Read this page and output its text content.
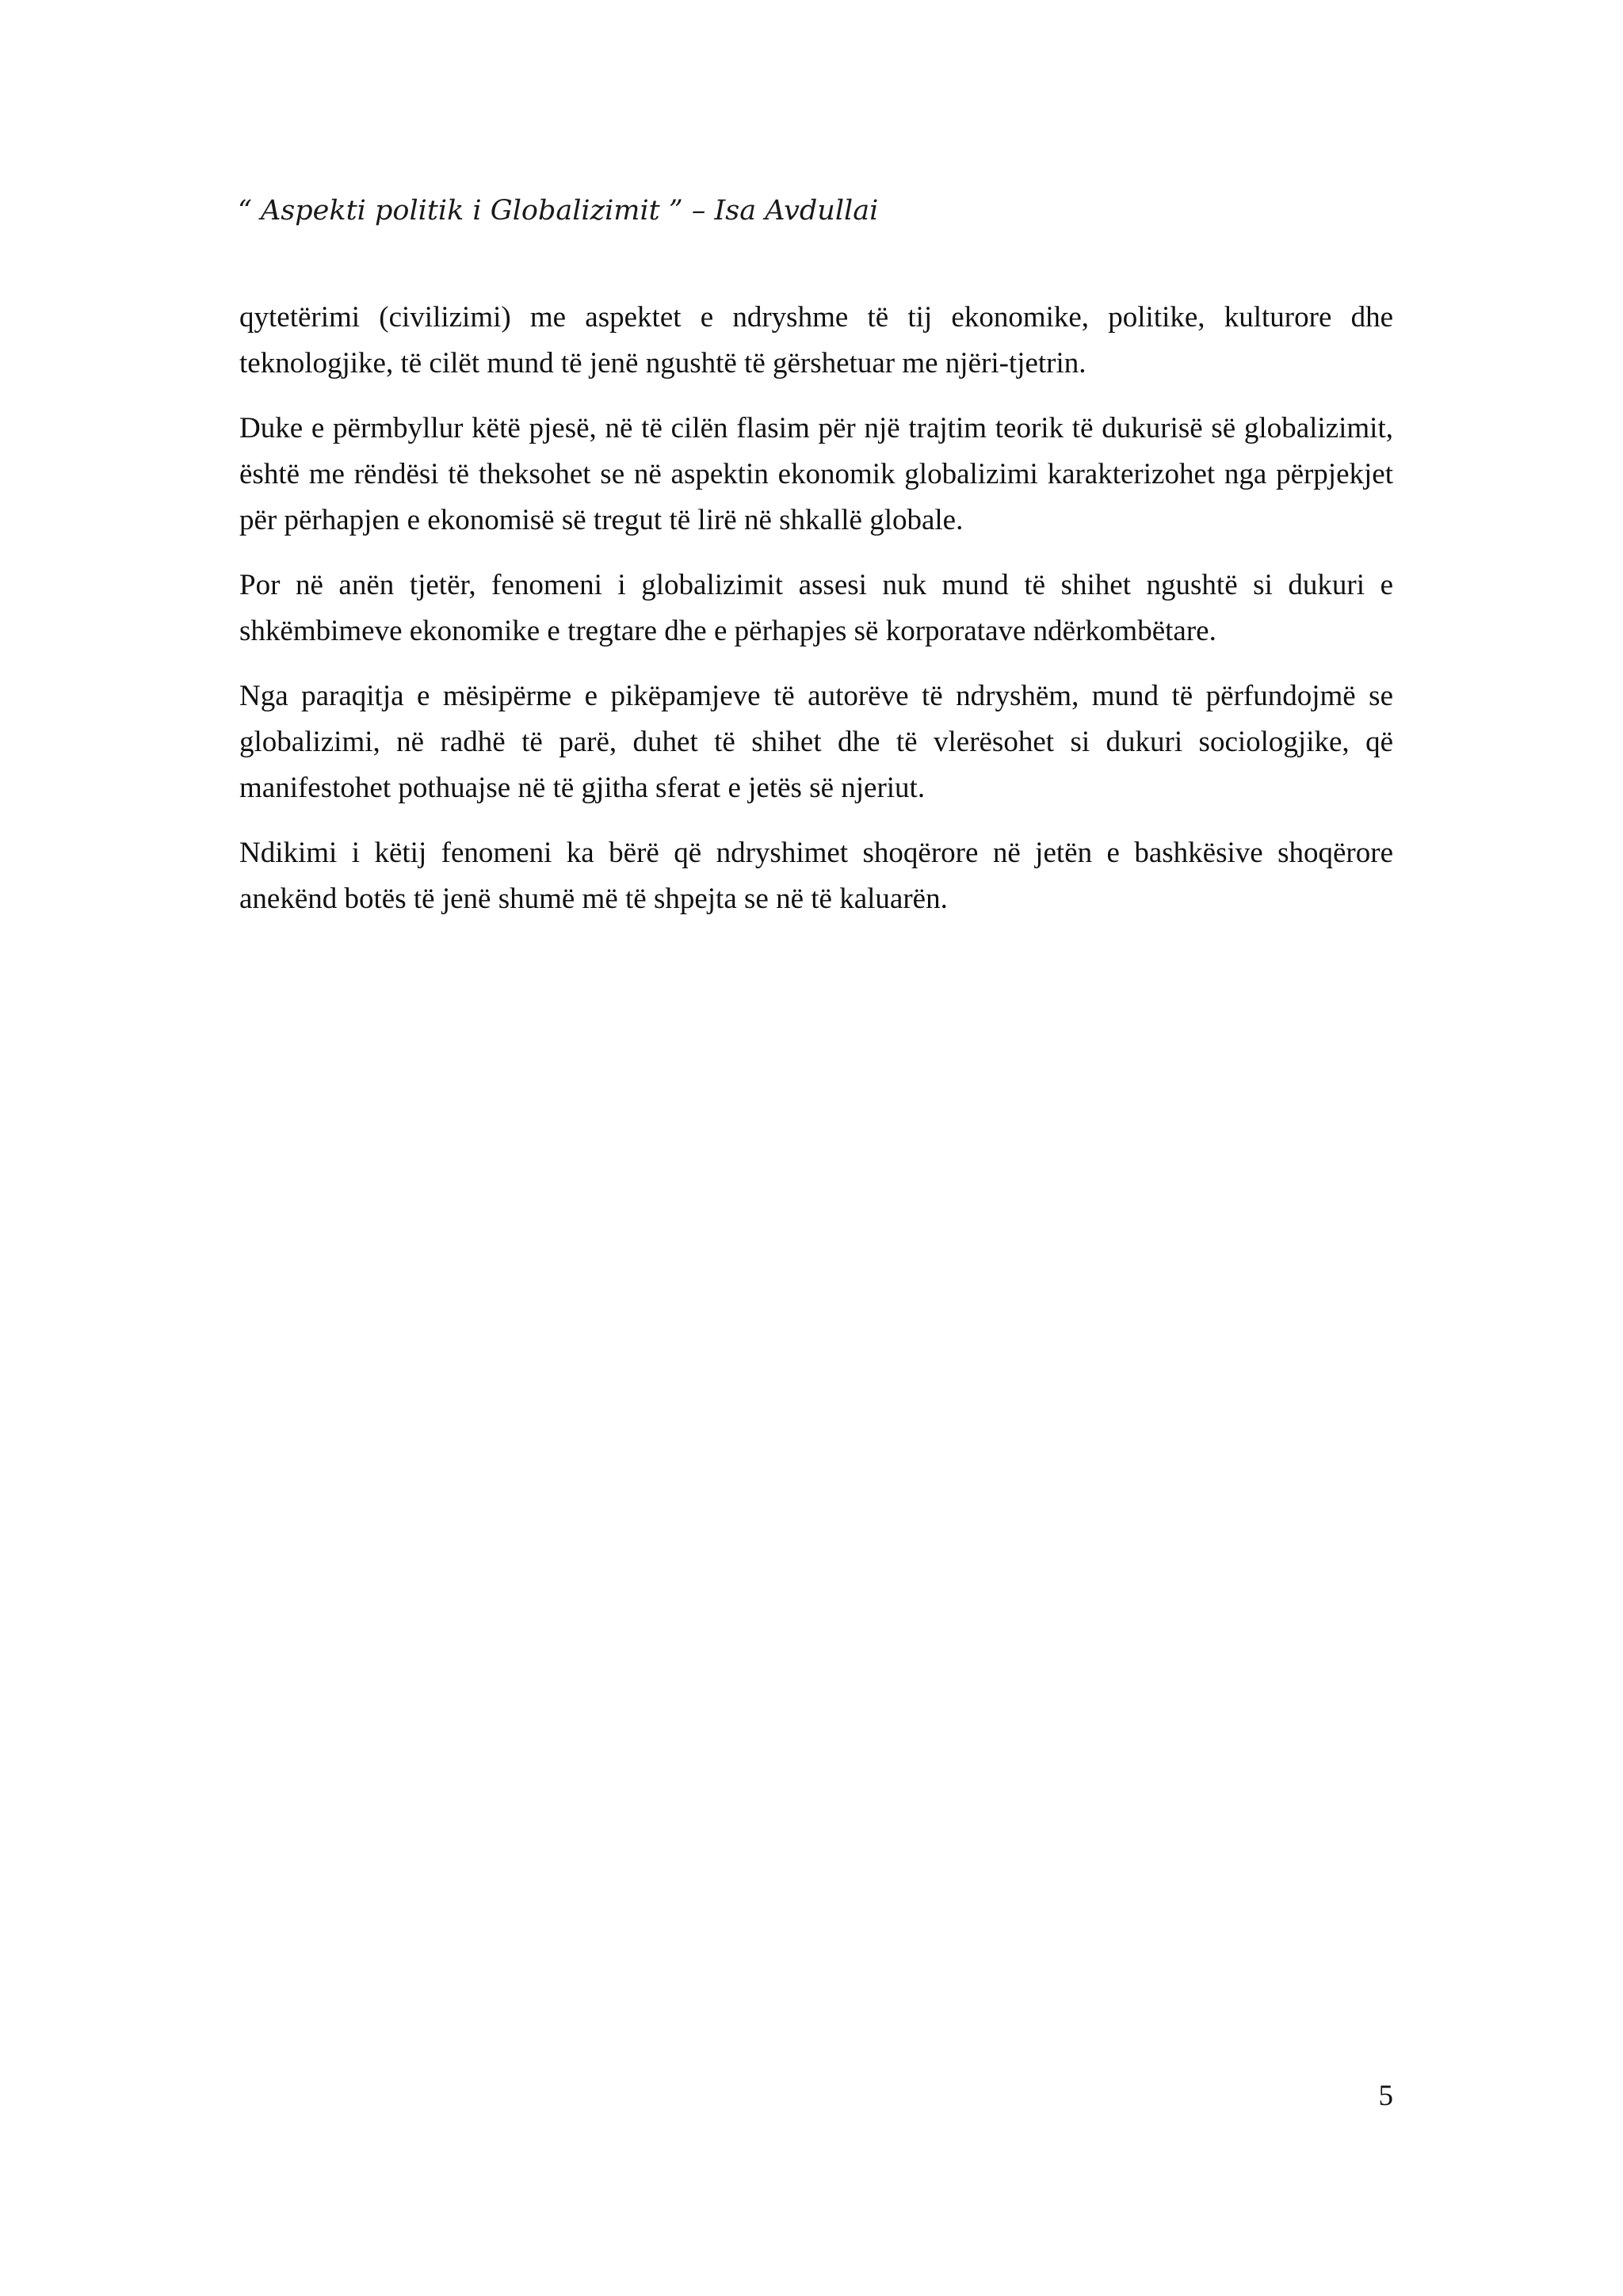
“ Aspekti politik i Globalizimit ” – Isa Avdullai

qytetërimi (civilizimi) me aspektet e ndryshme të tij ekonomike, politike, kulturore dhe teknologjike, të cilët mund të jenë ngushtë të gërshetuar me njëri-tjetrin.

Duke e përmbyllur këtë pjesë, në të cilën flasim për një trajtim teorik të dukurisë së globalizimit, është me rëndësi të theksohet se në aspektin ekonomik globalizimi karakterizohet nga përpjekjet për përhapjen e ekonomisë së tregut të lirë në shkallë globale.

Por në anën tjetër, fenomeni i globalizimit assesi nuk mund të shihet ngushtë si dukuri e shkëmbimeve ekonomike e tregtare dhe e përhapjes së korporatave ndërkombëtare.

Nga paraqitja e mësipërme e pikëpamjeve të autorëve të ndryshëm, mund të përfundojmë se globalizimi, në radhë të parë, duhet të shihet dhe të vlerësohet si dukuri sociologjike, që manifestohet pothuajse në të gjitha sferat e jetës së njeriut.

Ndikimi i këtij fenomeni ka bërë që ndryshimet shoqërore në jetën e bashkësive shoqërore anekënd botës të jenë shumë më të shpejta se në të kaluarën.

5
